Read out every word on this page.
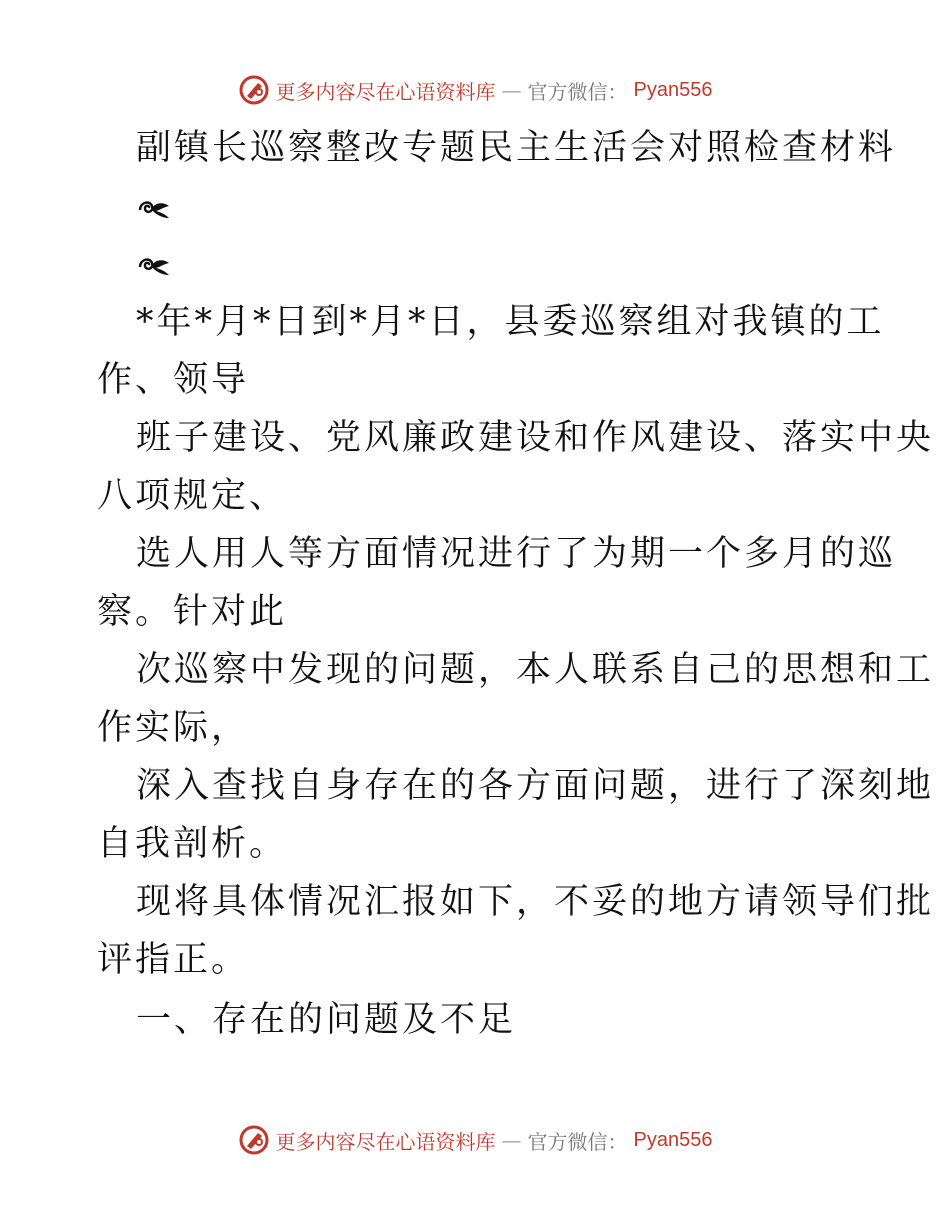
更多内容尽在心语资料库 — 官方微信： Pyan556

副镇长巡察整改专题民主生活会对照检查材料

*年*月*日到*月*日，县委巡察组对我镇的工

作、领导

班子建设、党风廉政建设和作风建设、落实中央

八项规定、

选人用人等方面情况进行了为期一个多月的巡

察。针对此

次巡察中发现的问题，本人联系自己的思想和工

作实际，

深入查找自身存在的各方面问题，进行了深刻地

自我剖析。

现将具体情况汇报如下，不妥的地方请领导们批

评指正。

一、存在的问题及不足

更多内容尽在心语资料库 — 官方微信： Pyan556
